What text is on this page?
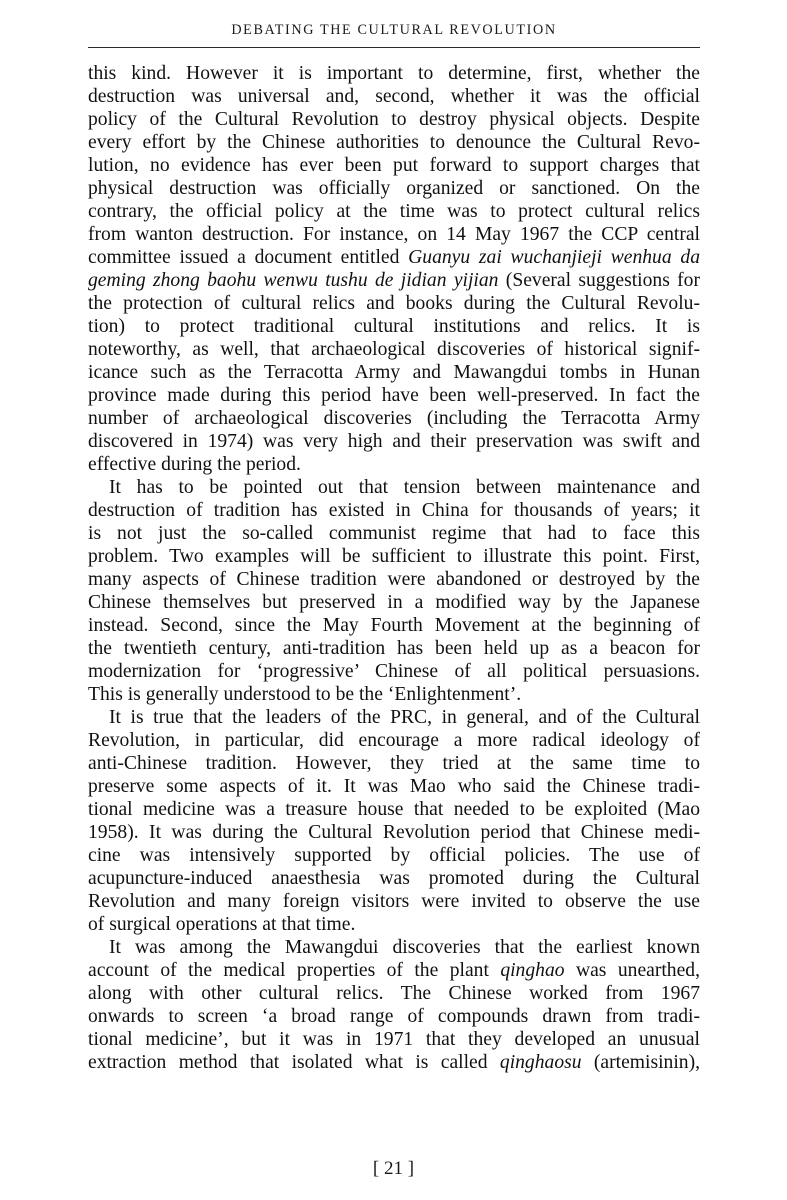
DEBATING THE CULTURAL REVOLUTION
this kind. However it is important to determine, first, whether the
destruction was universal and, second, whether it was the official
policy of the Cultural Revolution to destroy physical objects. Despite
every effort by the Chinese authorities to denounce the Cultural Revo-
lution, no evidence has ever been put forward to support charges that
physical destruction was officially organized or sanctioned. On the
contrary, the official policy at the time was to protect cultural relics
from wanton destruction. For instance, on 14 May 1967 the CCP central
committee issued a document entitled Guanyu zai wuchanjieji wenhua da
geming zhong baohu wenwu tushu de jidian yijian (Several suggestions for
the protection of cultural relics and books during the Cultural Revolu-
tion) to protect traditional cultural institutions and relics. It is
noteworthy, as well, that archaeological discoveries of historical signif-
icance such as the Terracotta Army and Mawangdui tombs in Hunan
province made during this period have been well-preserved. In fact the
number of archaeological discoveries (including the Terracotta Army
discovered in 1974) was very high and their preservation was swift and
effective during the period.
It has to be pointed out that tension between maintenance and
destruction of tradition has existed in China for thousands of years; it
is not just the so-called communist regime that had to face this
problem. Two examples will be sufficient to illustrate this point. First,
many aspects of Chinese tradition were abandoned or destroyed by the
Chinese themselves but preserved in a modified way by the Japanese
instead. Second, since the May Fourth Movement at the beginning of
the twentieth century, anti-tradition has been held up as a beacon for
modernization for ‘progressive’ Chinese of all political persuasions.
This is generally understood to be the ‘Enlightenment’.
It is true that the leaders of the PRC, in general, and of the Cultural
Revolution, in particular, did encourage a more radical ideology of
anti-Chinese tradition. However, they tried at the same time to
preserve some aspects of it. It was Mao who said the Chinese tradi-
tional medicine was a treasure house that needed to be exploited (Mao
1958). It was during the Cultural Revolution period that Chinese medi-
cine was intensively supported by official policies. The use of
acupuncture-induced anaesthesia was promoted during the Cultural
Revolution and many foreign visitors were invited to observe the use
of surgical operations at that time.
It was among the Mawangdui discoveries that the earliest known
account of the medical properties of the plant qinghao was unearthed,
along with other cultural relics. The Chinese worked from 1967
onwards to screen ‘a broad range of compounds drawn from tradi-
tional medicine’, but it was in 1971 that they developed an unusual
extraction method that isolated what is called qinghaosu (artemisinin),
[ 21 ]
